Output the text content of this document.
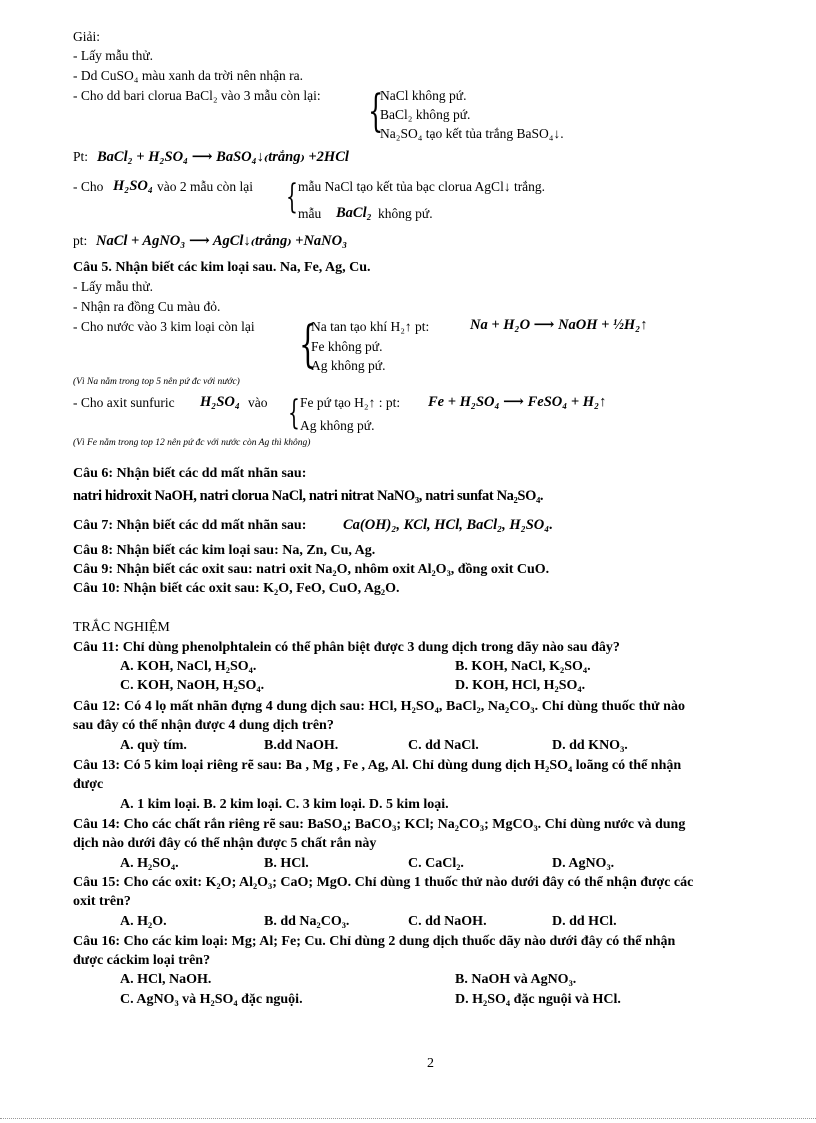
Giải:
- Lấy mẫu thử.
- Dd CuSO₄ màu xanh da trời nên nhận ra.
- Cho dd bari clorua BaCl₂ vào 3 mẫu còn lại: {
NaCl không pứ.
BaCl₂ không pứ.
Na₂SO₄ tạo kết tủa trắng BaSO₄↓.
Pt: BaCl₂ + H₂SO₄ ⟶ BaSO₄↓₍trắng₎ +2HCl
- Cho H₂SO₄ vào 2 mẫu còn lại { mẫu NaCl tạo kết tủa bạc clorua AgCl↓ trắng.
mẫu BaCl₂ không pứ.
pt: NaCl + AgNO₃ ⟶ AgCl↓₍trắng₎ +NaNO₃
Câu 5. Nhận biết các kim loại sau. Na, Fe, Ag, Cu.
- Lấy mẫu thử.
- Nhận ra đồng Cu màu đỏ.
- Cho nước vào 3 kim loại còn lại {
Na tan tạo khí H₂↑ pt:	Na + H₂O ⟶ NaOH + ½H₂↑
Fe không pứ.
Ag không pứ.
(Vì Na nằm trong top 5 nên pứ đc với nước)
- Cho axit sunfuric H₂SO₄ vào { Fe pứ tạo H₂↑ : pt: Fe + H₂SO₄ ⟶ FeSO₄ + H₂↑
Ag không pứ.
(Vì Fe nằm trong top 12 nên pứ đc với nước còn Ag thì không)
Câu 6: Nhận biết các dd mất nhãn sau:
natri hidroxit NaOH, natri clorua NaCl, natri nitrat NaNO₃, natri sunfat Na₂SO₄.
Câu 7: Nhận biết các dd mất nhãn sau:	Ca(OH)₂, KCl, HCl, BaCl₂, H₂SO₄.
Câu 8: Nhận biết các kim loại sau: Na, Zn, Cu, Ag.
Câu 9: Nhận biết các oxit sau: natri oxit Na₂O, nhôm oxit Al₂O₃, đồng oxit CuO.
Câu 10: Nhận biết các oxit sau: K₂O, FeO, CuO, Ag₂O.
TRẮC NGHIỆM
Câu 11: Chỉ dùng phenolphtalein có thể phân biệt được 3 dung dịch trong dãy nào sau đây?
A. KOH, NaCl, H₂SO₄.	B. KOH, NaCl, K₂SO₄.
C. KOH, NaOH, H₂SO₄.	D. KOH, HCl, H₂SO₄.
Câu 12: Có 4 lọ mất nhãn đựng 4 dung dịch sau: HCl, H₂SO₄, BaCl₂, Na₂CO₃. Chỉ dùng thuốc thử nào
sau đây có thể nhận được 4 dung dịch trên?
A. quỳ tím.	B.dd NaOH.	C. dd NaCl.	D. dd KNO₃.
Câu 13: Có 5 kim loại riêng rẽ sau: Ba , Mg , Fe , Ag, Al. Chỉ dùng dung dịch H₂SO₄ loãng có thể nhận
được
A. 1 kim loại. B. 2 kim loại. C. 3 kim loại. D. 5 kim loại.
Câu 14: Cho các chất rắn riêng rẽ sau: BaSO₄; BaCO₃; KCl; Na₂CO₃; MgCO₃. Chỉ dùng nước và dung
dịch nào dưới đây có thể nhận được 5 chất rắn này
A. H₂SO₄.	B. HCl.	C. CaCl₂.	D. AgNO₃.
Câu 15: Cho các oxit: K₂O; Al₂O₃; CaO; MgO. Chỉ dùng 1 thuốc thử nào dưới đây có thể nhận được các
oxit trên?
A. H₂O.	B. dd Na₂CO₃.	C. dd NaOH.	D. dd HCl.
Câu 16: Cho các kim loại: Mg; Al; Fe; Cu. Chỉ dùng 2 dung dịch thuốc dãy nào dưới đây có thể nhận
được cáckim loại trên?
A. HCl, NaOH.	B. NaOH và AgNO₃.
C. AgNO₃ và H₂SO₄ đặc nguội.	D. H₂SO₄ đặc nguội và HCl.
2
